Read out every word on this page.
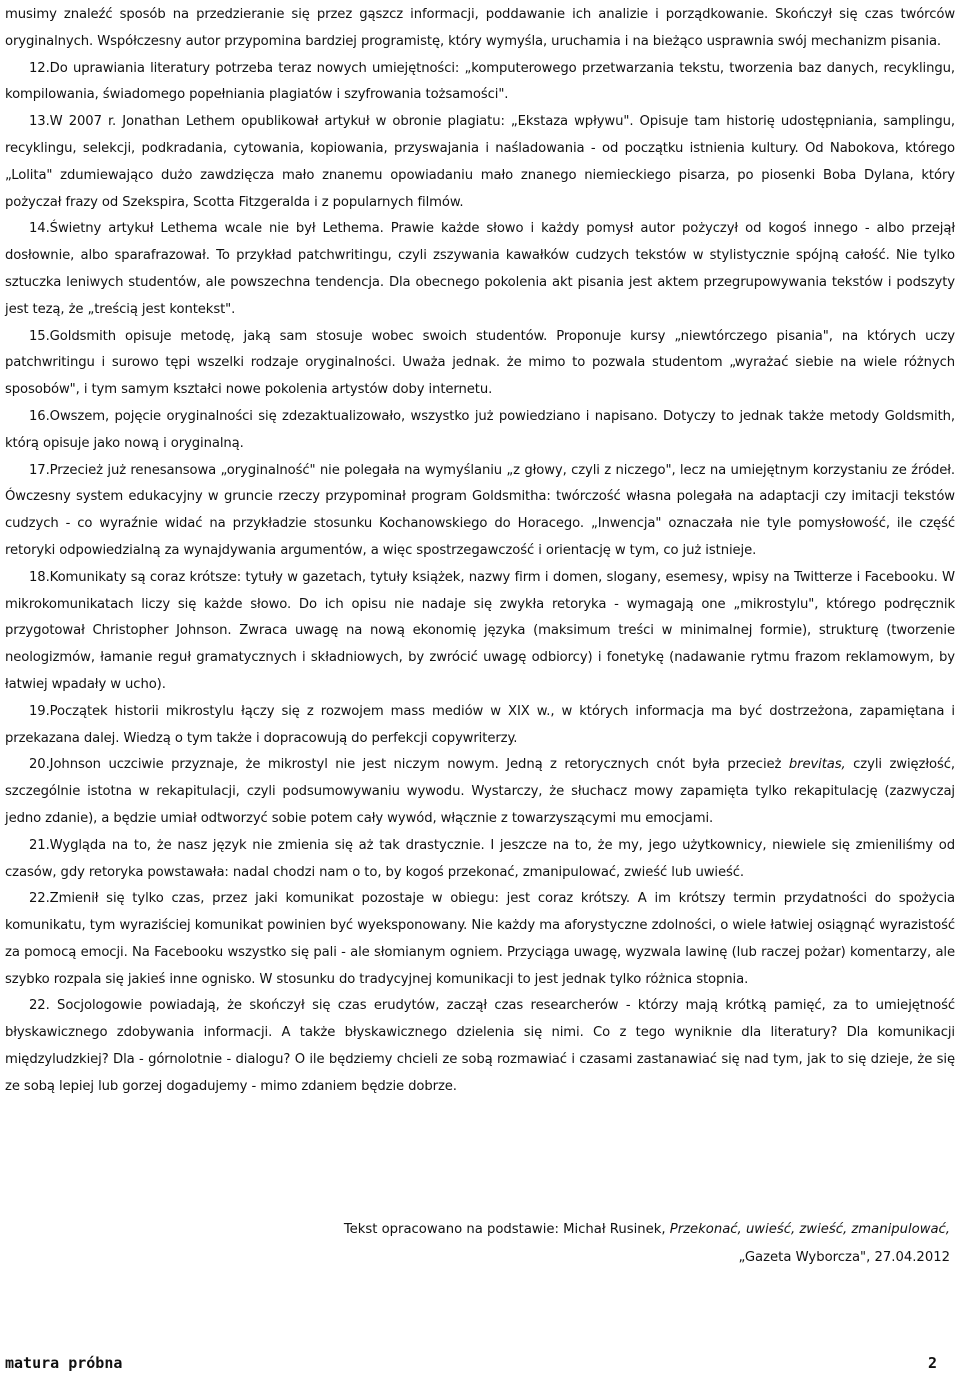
musimy znaleźć sposób na przedzieranie się przez gąszcz informacji, poddawanie ich analizie i porządkowanie. Skończył się czas twórców oryginalnych. Współczesny autor przypomina bardziej programistę, który wymyśla, uruchamia i na bieżąco usprawnia swój mechanizm pisania.

12.Do uprawiania literatury potrzeba teraz nowych umiejętności: „komputerowego przetwarzania tekstu, tworzenia baz danych, recyklingu, kompilowania, świadomego popełniania plagiatów i szyfrowania tożsamości".

13.W 2007 r. Jonathan Lethem opublikował artykuł w obronie plagiatu: „Ekstaza wpływu". Opisuje tam historię udostępniania, samplingu, recyklingu, selekcji, podkradania, cytowania, kopiowania, przyswajania i naśladowania - od początku istnienia kultury. Od Nabokova, którego „Lolita" zdumiewająco dużo zawdzięcza mało znanemu opowiadaniu mało znanego niemieckiego pisarza, po piosenki Boba Dylana, który pożyczał frazy od Szekspira, Scotta Fitzgeralda i z popularnych filmów.

14.Świetny artykuł Lethema wcale nie był Lethema. Prawie każde słowo i każdy pomysł autor pożyczył od kogoś innego - albo przejął dosłownie, albo sparafrazował. To przykład patchwritingu, czyli zszywania kawałków cudzych tekstów w stylistycznie spójną całość. Nie tylko sztuczka leniwych studentów, ale powszechna tendencja. Dla obecnego pokolenia akt pisania jest aktem przegrupowywania tekstów i podszyty jest tezą, że „treścią jest kontekst".

15.Goldsmith opisuje metodę, jaką sam stosuje wobec swoich studentów. Proponuje kursy „niewtórczego pisania", na których uczy patchwritingu i surowo tępi wszelki rodzaje oryginalności. Uważa jednak. że mimo to pozwala studentom „wyrażać siebie na wiele różnych sposobów", i tym samym kształci nowe pokolenia artystów doby internetu.

16.Owszem, pojęcie oryginalności się zdezaktualizowało, wszystko już powiedziano i napisano. Dotyczy to jednak także metody Goldsmith, którą opisuje jako nową i oryginalną.

17.Przecież już renesansowa „oryginalność" nie polegała na wymyślaniu „z głowy, czyli z niczego", lecz na umiejętnym korzystaniu ze źródeł. Ówczesny system edukacyjny w gruncie rzeczy przypominał program Goldsmitha: twórczość własna polegała na adaptacji czy imitacji tekstów cudzych - co wyraźnie widać na przykładzie stosunku Kochanowskiego do Horacego. „Inwencja" oznaczała nie tyle pomysłowość, ile część retoryki odpowiedzialną za wynajdywania argumentów, a więc spostrzegawczość i orientację w tym, co już istnieje.

18.Komunikaty są coraz krótsze: tytuły w gazetach, tytuły książek, nazwy firm i domen, slogany, esemesy, wpisy na Twitterze i Facebooku. W mikrokomunikatach liczy się każde słowo. Do ich opisu nie nadaje się zwykła retoryka - wymagają one „mikrostylu", którego podręcznik przygotował Christopher Johnson. Zwraca uwagę na nową ekonomię języka (maksimum treści w minimalnej formie), strukturę (tworzenie neologizmów, łamanie reguł gramatycznych i składniowych, by zwrócić uwagę odbiorcy) i fonetykę (nadawanie rytmu frazom reklamowym, by łatwiej wpadały w ucho).

19.Początek historii mikrostylu łączy się z rozwojem mass mediów w XIX w., w których informacja ma być dostrzeżona, zapamiętana i przekazana dalej. Wiedzą o tym także i dopracowują do perfekcji copywriterzy.

20.Johnson uczciwie przyznaje, że mikrostyl nie jest niczym nowym. Jedną z retorycznych cnót była przecież brevitas, czyli zwięzłość, szczególnie istotna w rekapitulacji, czyli podsumowywaniu wywodu. Wystarczy, że słuchacz mowy zapamięta tylko rekapitulację (zazwyczaj jedno zdanie), a będzie umiał odtworzyć sobie potem cały wywód, włącznie z towarzyszącymi mu emocjami.

21.Wygląda na to, że nasz język nie zmienia się aż tak drastycznie. I jeszcze na to, że my, jego użytkownicy, niewiele się zmieniliśmy od czasów, gdy retoryka powstawała: nadal chodzi nam o to, by kogoś przekonać, zmanipulować, zwieść lub uwieść.

22.Zmienił się tylko czas, przez jaki komunikat pozostaje w obiegu: jest coraz krótszy. A im krótszy termin przydatności do spożycia komunikatu, tym wyraziściej komunikat powinien być wyeksponowany. Nie każdy ma aforystyczne zdolności, o wiele łatwiej osiągnąć wyrazistość za pomocą emocji. Na Facebooku wszystko się pali - ale słomianym ogniem. Przyciąga uwagę, wyzwala lawinę (lub raczej pożar) komentarzy, ale szybko rozpala się jakieś inne ognisko. W stosunku do tradycyjnej komunikacji to jest jednak tylko różnica stopnia.

22. Socjologowie powiadają, że skończył się czas erudytów, zaczął czas researcherów - którzy mają krótką pamięć, za to umiejętność błyskawicznego zdobywania informacji. A także błyskawicznego dzielenia się nimi. Co z tego wyniknie dla literatury? Dla komunikacji międzyludzkiej? Dla - górnolotnie - dialogu? O ile będziemy chcieli ze sobą rozmawiać i czasami zastanawiać się nad tym, jak to się dzieje, że się ze sobą lepiej lub gorzej dogadujemy - mimo zdaniem będzie dobrze.

Tekst opracowano na podstawie: Michał Rusinek, Przekonać, uwieść, zwieść, zmanipulować,

„Gazeta Wyborcza", 27.04.2012

matura próbna	2
